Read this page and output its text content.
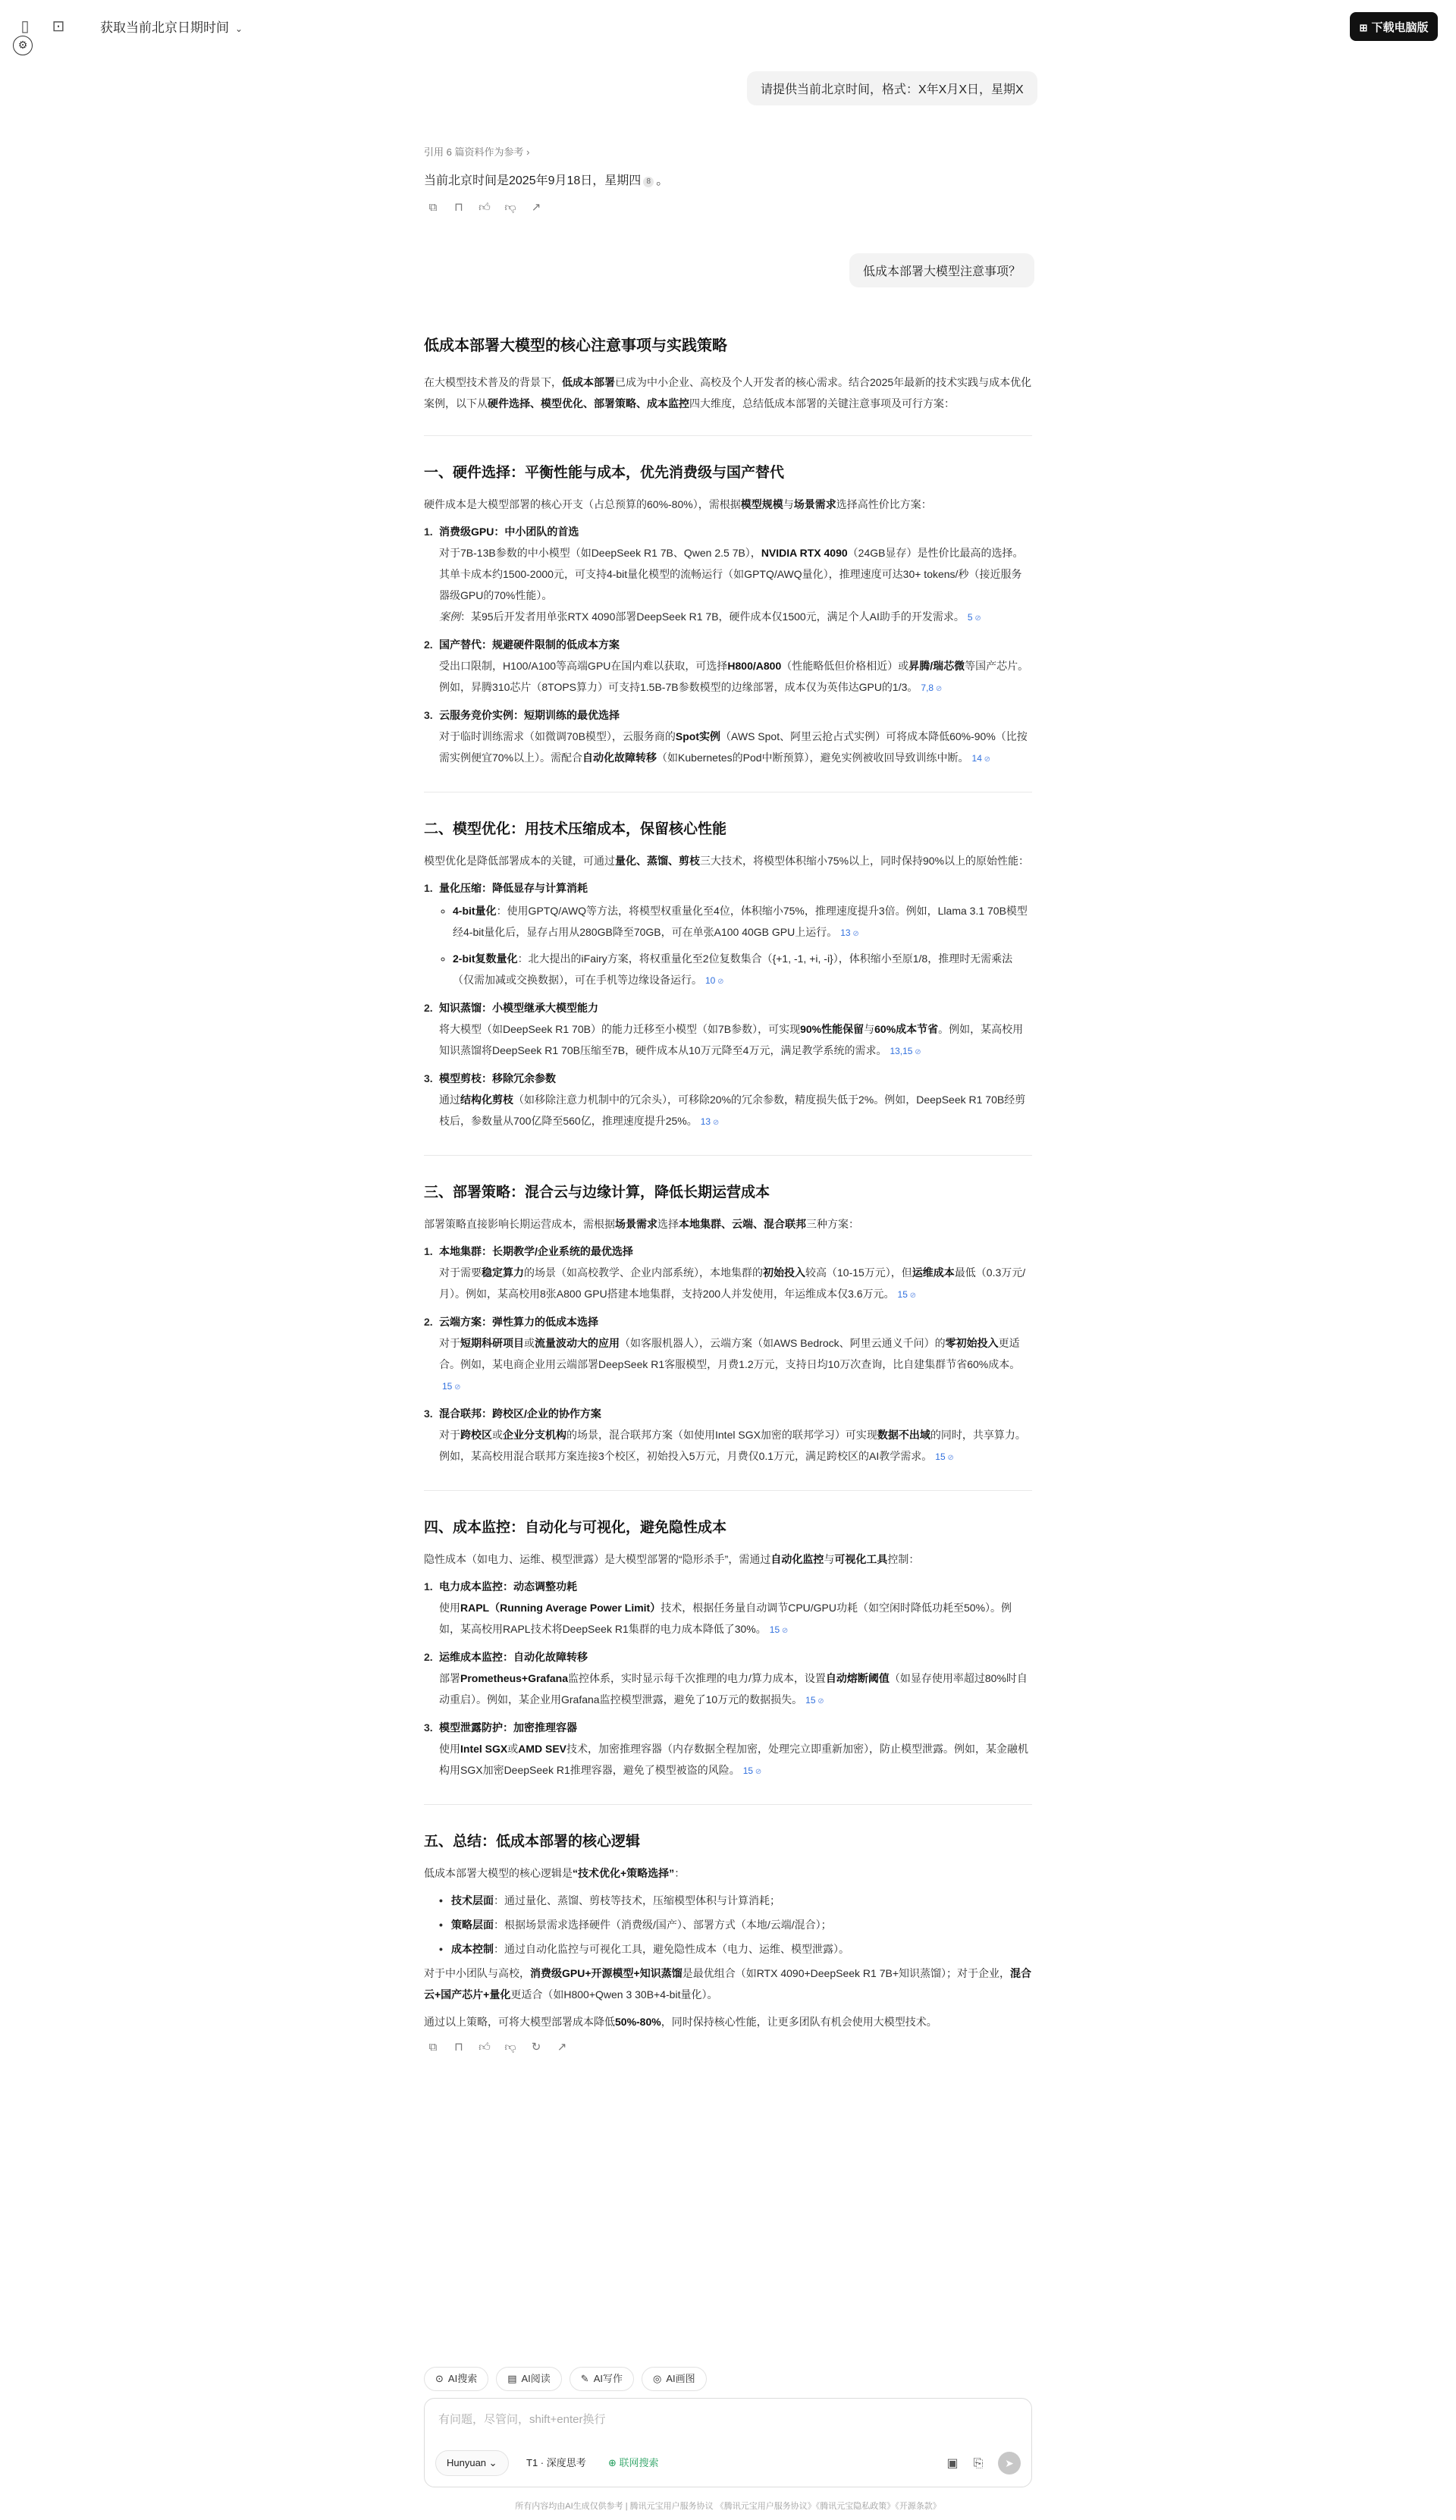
▯	⊡	获取当前北京日期时间 ⌄
⚙
⊞ 下载电脑版
请提供当前北京时间，格式：X年X月X日，星期X
引用 6 篇资料作为参考 ›
当前北京时间是2025年9月18日，星期四 8 。
⧉	⊓	👍︎ 👎︎	↗
低成本部署大模型注意事项？
低成本部署大模型的核心注意事项与实践策略

在大模型技术普及的背景下，低成本部署已成为中小企业、高校及个人开发者的核心需求。结合2025年最新的技术实践与成本优化案例，以下从硬件选择、模型优化、部署策略、成本监控四大维度，总结低成本部署的关键注意事项及可行方案：

一、硬件选择：平衡性能与成本，优先消费级与国产替代

硬件成本是大模型部署的核心开支（占总预算的60%-80%），需根据模型规模与场景需求选择高性价比方案：

1. 消费级GPU：中小团队的首选
对于7B-13B参数的中小模型（如DeepSeek R1 7B、Qwen 2.5 7B），NVIDIA RTX 4090（24GB显存）是性价比最高的选择。其单卡成本约1500-2000元，可支持4-bit量化模型的流畅运行（如GPTQ/AWQ量化），推理速度可达30+ tokens/秒（接近服务器级GPU的70%性能）。
案例：某95后开发者用单张RTX 4090部署DeepSeek R1 7B，硬件成本仅1500元，满足个人AI助手的开发需求。 5 ⊘
2. 国产替代：规避硬件限制的低成本方案
受出口限制，H100/A100等高端GPU在国内难以获取，可选择H800/A800（性能略低但价格相近）或昇腾/瑞芯微等国产芯片。例如，昇腾310芯片（8TOPS算力）可支持1.5B-7B参数模型的边缘部署，成本仅为英伟达GPU的1/3。 7,8 ⊘
3. 云服务竞价实例：短期训练的最优选择
对于临时训练需求（如微调70B模型），云服务商的Spot实例（AWS Spot、阿里云抢占式实例）可将成本降低60%-90%（比按需实例便宜70%以上）。需配合自动化故障转移（如Kubernetes的Pod中断预算），避免实例被收回导致训练中断。 14 ⊘
二、模型优化：用技术压缩成本，保留核心性能

模型优化是降低部署成本的关键，可通过量化、蒸馏、剪枝三大技术，将模型体积缩小75%以上，同时保持90%以上的原始性能：

1. 量化压缩：降低显存与计算消耗
◦ 4-bit量化：使用GPTQ/AWQ等方法，将模型权重量化至4位，体积缩小75%，推理速度提升3倍。例如，Llama 3.1 70B模型经4-bit量化后，显存占用从280GB降至70GB，可在单张A100 40GB GPU上运行。 13 ⊘
◦ 2-bit复数量化：北大提出的iFairy方案，将权重量化至2位复数集合（{+1, -1, +i, -i}），体积缩小至原1/8，推理时无需乘法（仅需加减或交换数据），可在手机等边缘设备运行。 10 ⊘
2. 知识蒸馏：小模型继承大模型能力
将大模型（如DeepSeek R1 70B）的能力迁移至小模型（如7B参数），可实现90%性能保留与60%成本节省。例如，某高校用知识蒸馏将DeepSeek R1 70B压缩至7B，硬件成本从10万元降至4万元，满足教学系统的需求。 13,15 ⊘
3. 模型剪枝：移除冗余参数
通过结构化剪枝（如移除注意力机制中的冗余头），可移除20%的冗余参数，精度损失低于2%。例如，DeepSeek R1 70B经剪枝后，参数量从700亿降至560亿，推理速度提升25%。 13 ⊘
三、部署策略：混合云与边缘计算，降低长期运营成本

部署策略直接影响长期运营成本，需根据场景需求选择本地集群、云端、混合联邦三种方案：

1. 本地集群：长期教学/企业系统的最优选择
对于需要稳定算力的场景（如高校教学、企业内部系统），本地集群的初始投入较高（10-15万元），但运维成本最低（0.3万元/月）。例如，某高校用8张A800 GPU搭建本地集群，支持200人并发使用，年运维成本仅3.6万元。 15 ⊘
2. 云端方案：弹性算力的低成本选择
对于短期科研项目或流量波动大的应用（如客服机器人），云端方案（如AWS Bedrock、阿里云通义千问）的零初始投入更适合。例如，某电商企业用云端部署DeepSeek R1客服模型，月费1.2万元，支持日均10万次查询，比自建集群节省60%成本。15 ⊘
3. 混合联邦：跨校区/企业的协作方案
对于跨校区或企业分支机构的场景，混合联邦方案（如使用Intel SGX加密的联邦学习）可实现数据不出域的同时，共享算力。例如，某高校用混合联邦方案连接3个校区，初始投入5万元，月费仅0.1万元，满足跨校区的AI教学需求。 15 ⊘
四、成本监控：自动化与可视化，避免隐性成本

隐性成本（如电力、运维、模型泄露）是大模型部署的“隐形杀手”，需通过自动化监控与可视化工具控制：

1. 电力成本监控：动态调整功耗
使用RAPL（Running Average Power Limit）技术，根据任务量自动调节CPU/GPU功耗（如空闲时降低功耗至50%）。例如，某高校用RAPL技术将DeepSeek R1集群的电力成本降低了30%。 15 ⊘
2. 运维成本监控：自动化故障转移
部署Prometheus+Grafana监控体系，实时显示每千次推理的电力/算力成本，设置自动熔断阈值（如显存使用率超过80%时自动重启）。例如，某企业用Grafana监控模型泄露，避免了10万元的数据损失。 15 ⊘
3. 模型泄露防护：加密推理容器
使用Intel SGX或AMD SEV技术，加密推理容器（内存数据全程加密，处理完立即重新加密），防止模型泄露。例如，某金融机构用SGX加密DeepSeek R1推理容器，避免了模型被盗的风险。 15 ⊘
五、总结：低成本部署的核心逻辑

低成本部署大模型的核心逻辑是“技术优化+策略选择”：

• 技术层面：通过量化、蒸馏、剪枝等技术，压缩模型体积与计算消耗；
• 策略层面：根据场景需求选择硬件（消费级/国产）、部署方式（本地/云端/混合）；
• 成本控制：通过自动化监控与可视化工具，避免隐性成本（电力、运维、模型泄露）。

对于中小团队与高校，消费级GPU+开源模型+知识蒸馏是最优组合（如RTX 4090+DeepSeek R1 7B+知识蒸馏）；对于企业，混合云+国产芯片+量化更适合（如H800+Qwen 3 30B+4-bit量化）。

通过以上策略，可将大模型部署成本降低50%-80%，同时保持核心性能，让更多团队有机会使用大模型技术。

⧉	⊓	👍︎ 👎︎	↻	↗
⊙ AI搜索	▤ AI阅读	✎ AI写作	◎ AI画图
有问题，尽管问，shift+enter换行
Hunyuan ⌄	T1 · 深度思考	⊕ 联网搜索	▣	⎘	➤
所有内容均由AI生成仅供参考 | 腾讯元宝用户服务协议 《腾讯元宝用户服务协议》《腾讯元宝隐私政策》《开源条款》
